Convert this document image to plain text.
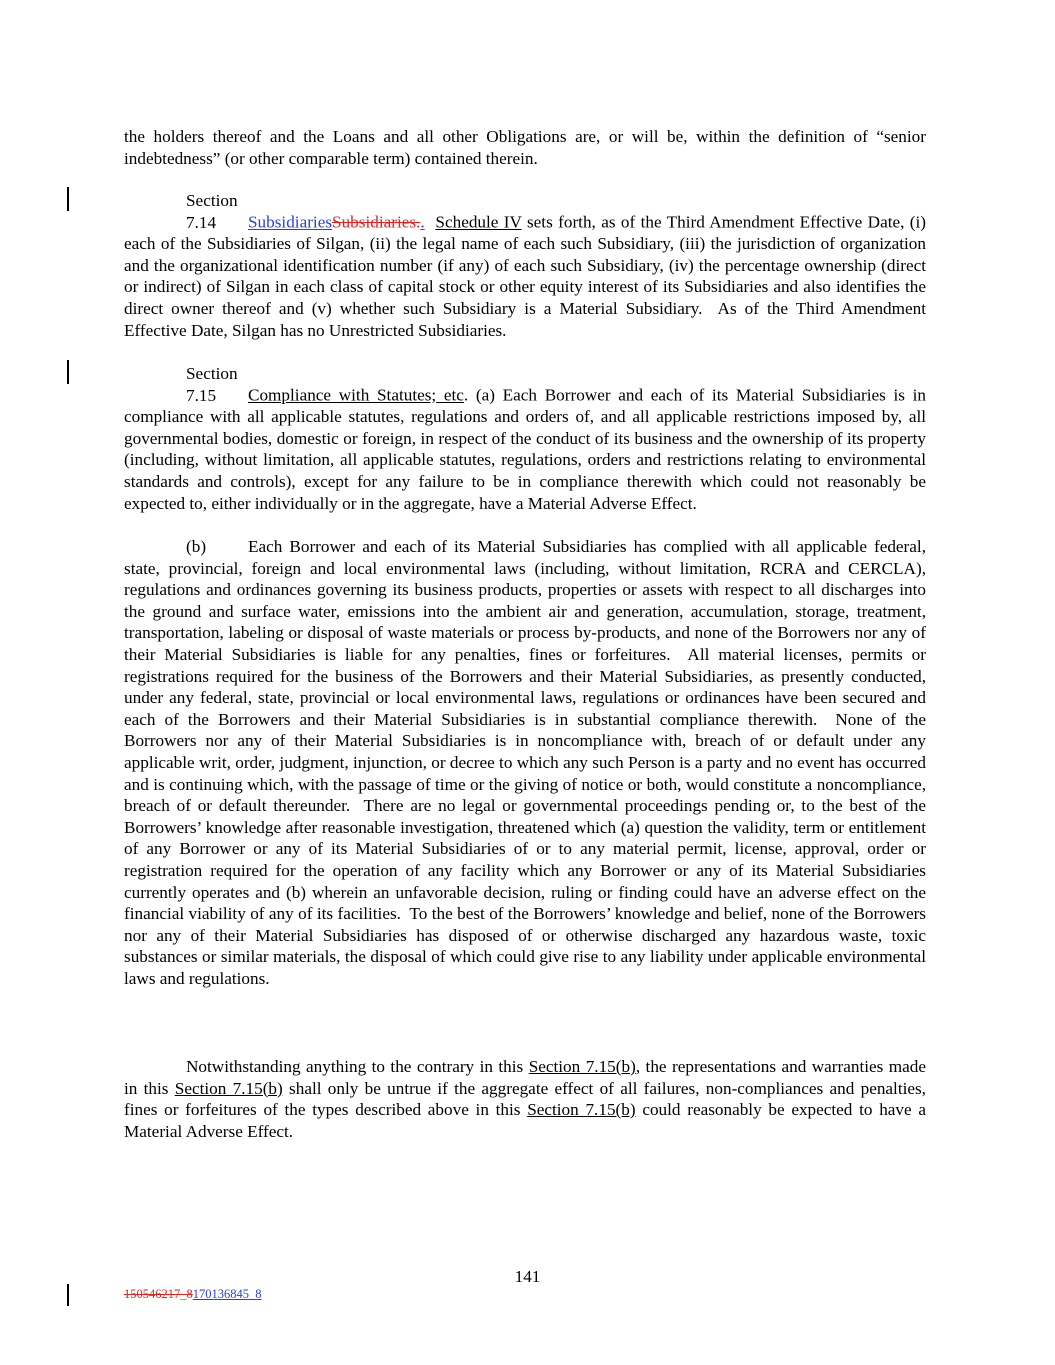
the holders thereof and the Loans and all other Obligations are, or will be, within the definition of “senior indebtedness” (or other comparable term) contained therein.

Section 7.14 SubsidiariesSubsidiaries.. Schedule IV sets forth, as of the Third Amendment Effective Date, (i) each of the Subsidiaries of Silgan, (ii) the legal name of each such Subsidiary, (iii) the jurisdiction of organization and the organizational identification number (if any) of each such Subsidiary, (iv) the percentage ownership (direct or indirect) of Silgan in each class of capital stock or other equity interest of its Subsidiaries and also identifies the direct owner thereof and (v) whether such Subsidiary is a Material Subsidiary.  As of the Third Amendment Effective Date, Silgan has no Unrestricted Subsidiaries.

Section 7.15 Compliance with Statutes; etc. (a) Each Borrower and each of its Material Subsidiaries is in compliance with all applicable statutes, regulations and orders of, and all applicable restrictions imposed by, all governmental bodies, domestic or foreign, in respect of the conduct of its business and the ownership of its property (including, without limitation, all applicable statutes, regulations, orders and restrictions relating to environmental standards and controls), except for any failure to be in compliance therewith which could not reasonably be expected to, either individually or in the aggregate, have a Material Adverse Effect.

(b) Each Borrower and each of its Material Subsidiaries has complied with all applicable federal, state, provincial, foreign and local environmental laws (including, without limitation, RCRA and CERCLA), regulations and ordinances governing its business products, properties or assets with respect to all discharges into the ground and surface water, emissions into the ambient air and generation, accumulation, storage, treatment, transportation, labeling or disposal of waste materials or process by-products, and none of the Borrowers nor any of their Material Subsidiaries is liable for any penalties, fines or forfeitures.  All material licenses, permits or registrations required for the business of the Borrowers and their Material Subsidiaries, as presently conducted, under any federal, state, provincial or local environmental laws, regulations or ordinances have been secured and each of the Borrowers and their Material Subsidiaries is in substantial compliance therewith.  None of the Borrowers nor any of their Material Subsidiaries is in noncompliance with, breach of or default under any applicable writ, order, judgment, injunction, or decree to which any such Person is a party and no event has occurred and is continuing which, with the passage of time or the giving of notice or both, would constitute a noncompliance, breach of or default thereunder.  There are no legal or governmental proceedings pending or, to the best of the Borrowers’ knowledge after reasonable investigation, threatened which (a) question the validity, term or entitlement of any Borrower or any of its Material Subsidiaries of or to any material permit, license, approval, order or registration required for the operation of any facility which any Borrower or any of its Material Subsidiaries currently operates and (b) wherein an unfavorable decision, ruling or finding could have an adverse effect on the financial viability of any of its facilities.  To the best of the Borrowers’ knowledge and belief, none of the Borrowers nor any of their Material Subsidiaries has disposed of or otherwise discharged any hazardous waste, toxic substances or similar materials, the disposal of which could give rise to any liability under applicable environmental laws and regulations.

Notwithstanding anything to the contrary in this Section 7.15(b), the representations and warranties made in this Section 7.15(b) shall only be untrue if the aggregate effect of all failures, non-compliances and penalties, fines or forfeitures of the types described above in this Section 7.15(b) could reasonably be expected to have a Material Adverse Effect.

141
150546217_8170136845_8
